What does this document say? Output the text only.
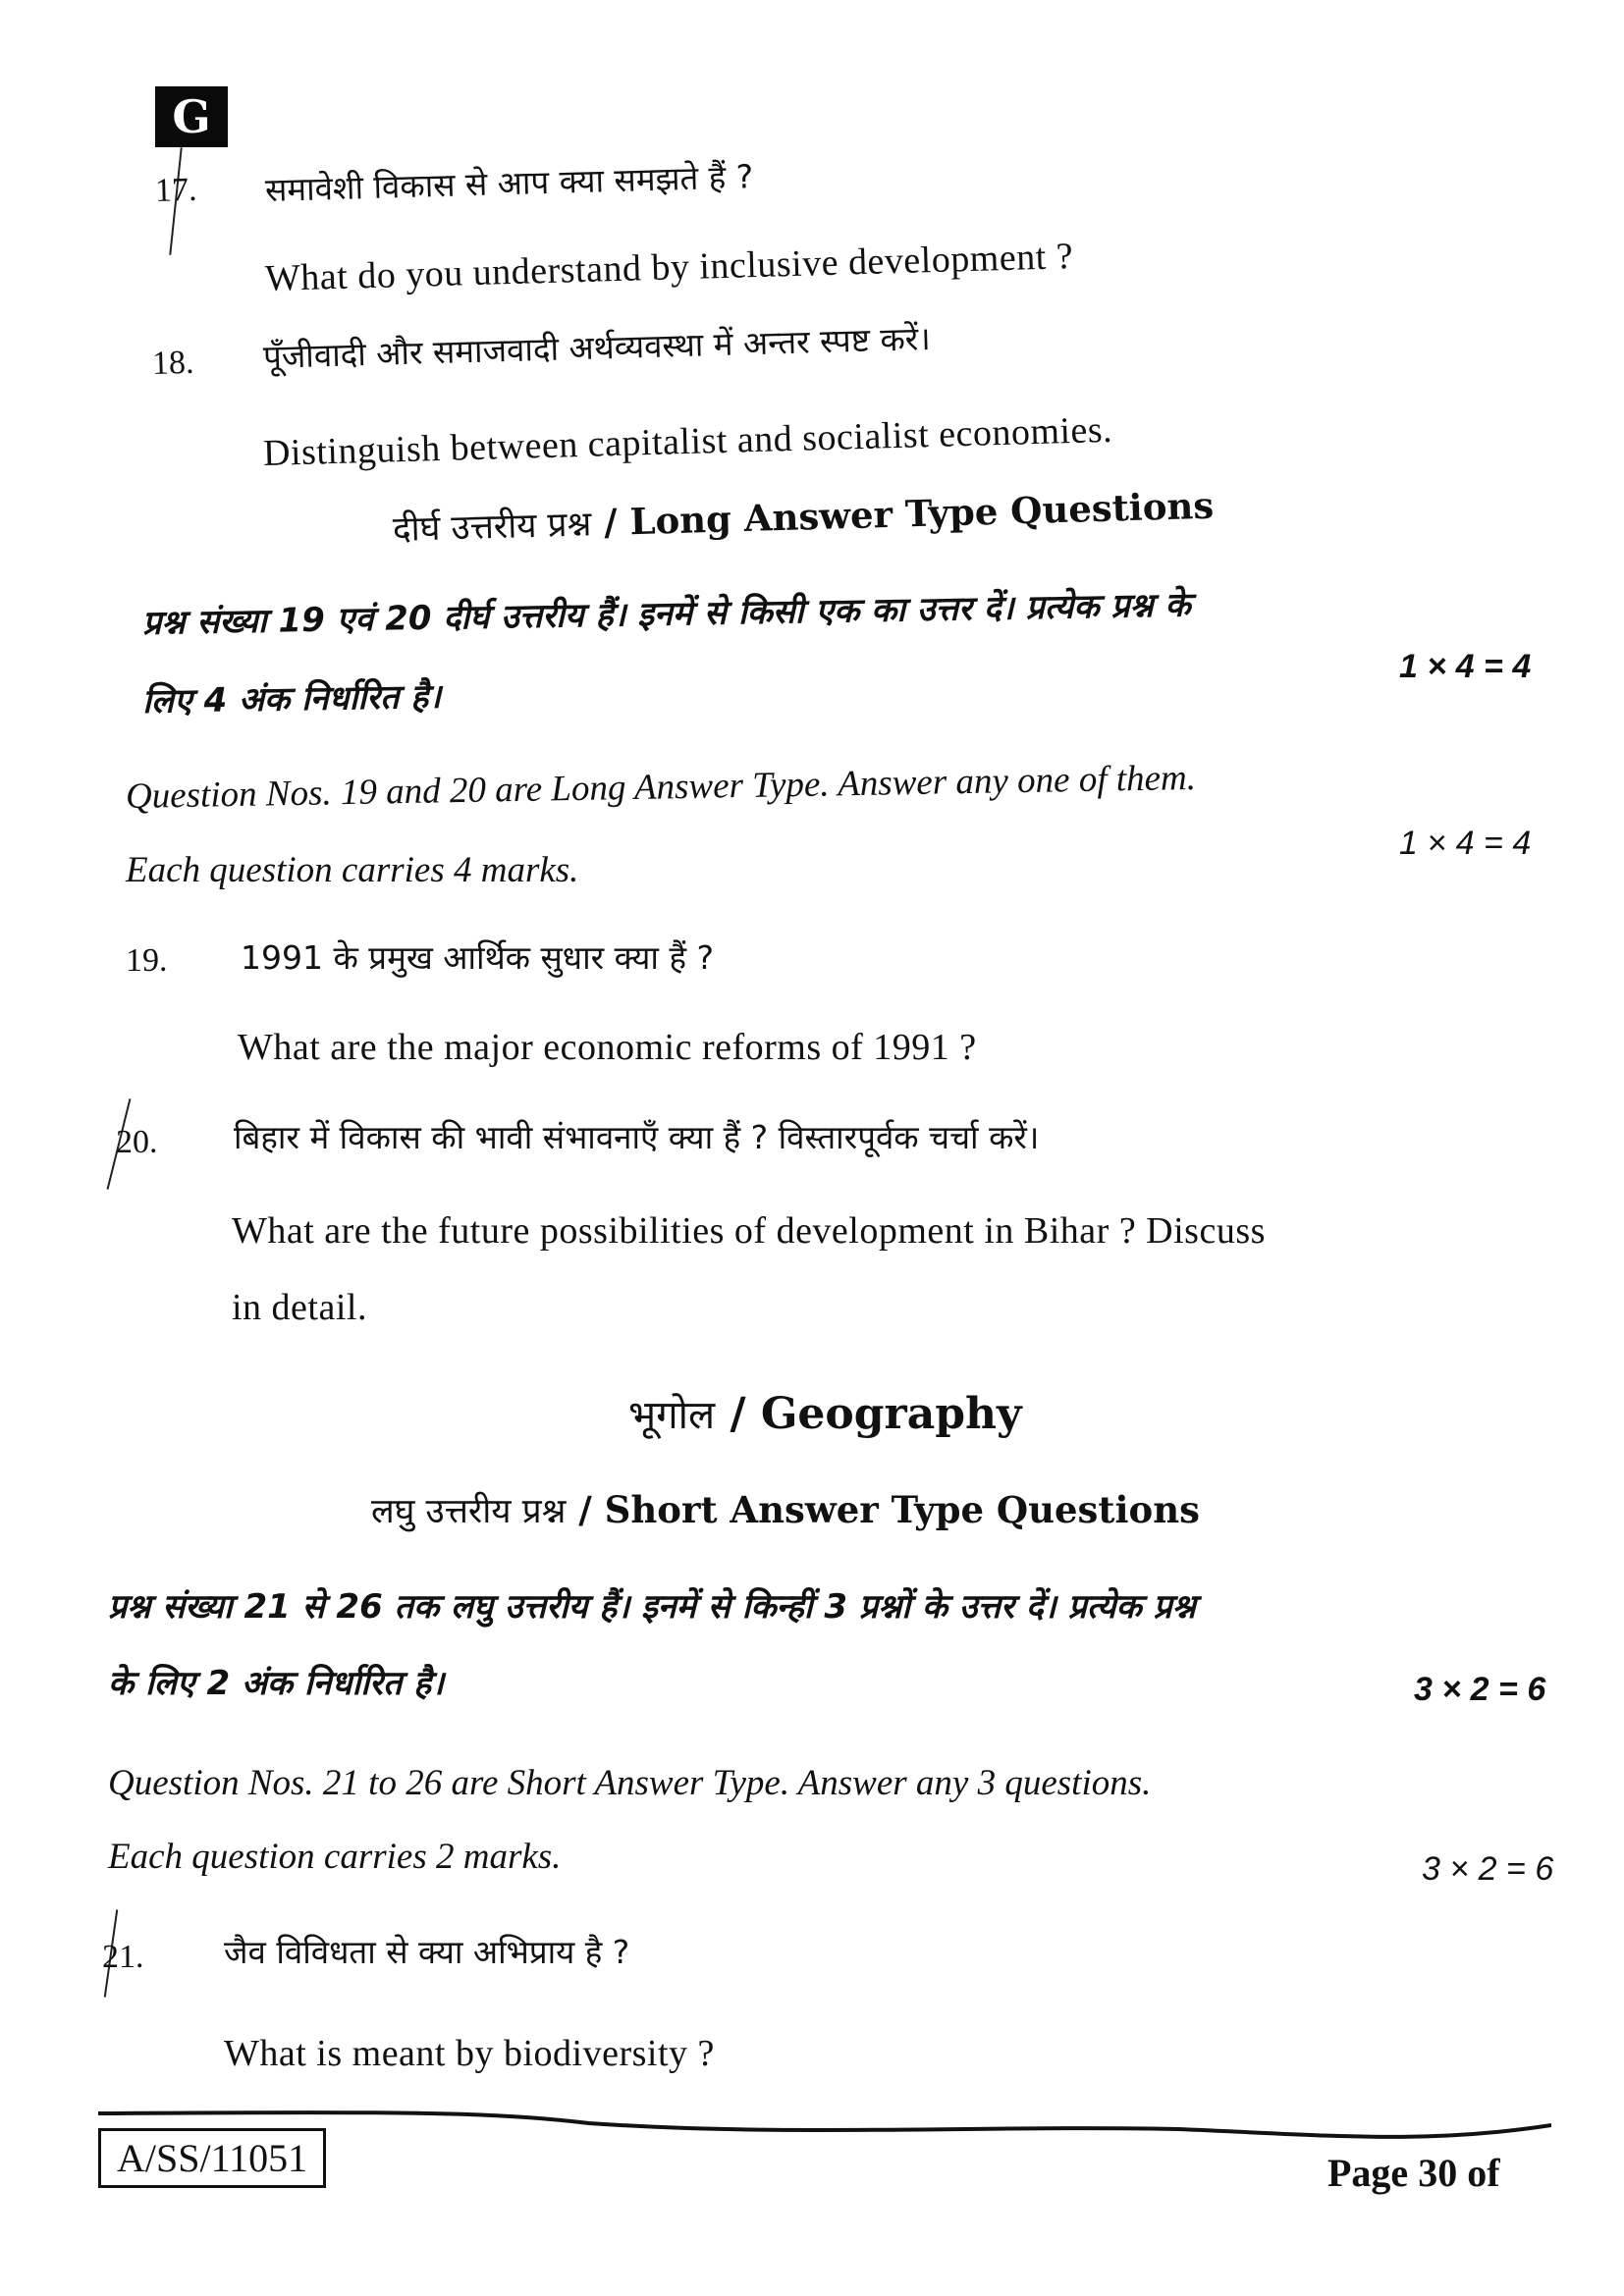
G
17. समावेशी विकास से आप क्या समझते हैं ?
What do you understand by inclusive development ?
18. पूँजीवादी और समाजवादी अर्थव्यवस्था में अन्तर स्पष्ट करें।
Distinguish between capitalist and socialist economies.
दीर्घ उत्तरीय प्रश्न / Long Answer Type Questions
प्रश्न संख्या 19 एवं 20 दीर्घ उत्तरीय हैं। इनमें से किसी एक का उत्तर दें। प्रत्येक प्रश्न के
लिए 4 अंक निर्धारित है।
1 × 4 = 4
Question Nos. 19 and 20 are Long Answer Type. Answer any one of them.
Each question carries 4 marks.
1 × 4 = 4
19. 1991 के प्रमुख आर्थिक सुधार क्या हैं ?
What are the major economic reforms of 1991 ?
20. बिहार में विकास की भावी संभावनाएँ क्या हैं ? विस्तारपूर्वक चर्चा करें।
What are the future possibilities of development in Bihar ? Discuss
in detail.
भूगोल / Geography
लघु उत्तरीय प्रश्न / Short Answer Type Questions
प्रश्न संख्या 21 से 26 तक लघु उत्तरीय हैं। इनमें से किन्हीं 3 प्रश्नों के उत्तर दें। प्रत्येक प्रश्न
के लिए 2 अंक निर्धारित है।	3 × 2 = 6
Question Nos. 21 to 26 are Short Answer Type. Answer any 3 questions.
Each question carries 2 marks.	3 × 2 = 6
21. जैव विविधता से क्या अभिप्राय है ?
What is meant by biodiversity ?
A/SS/11051	Page 30 of
